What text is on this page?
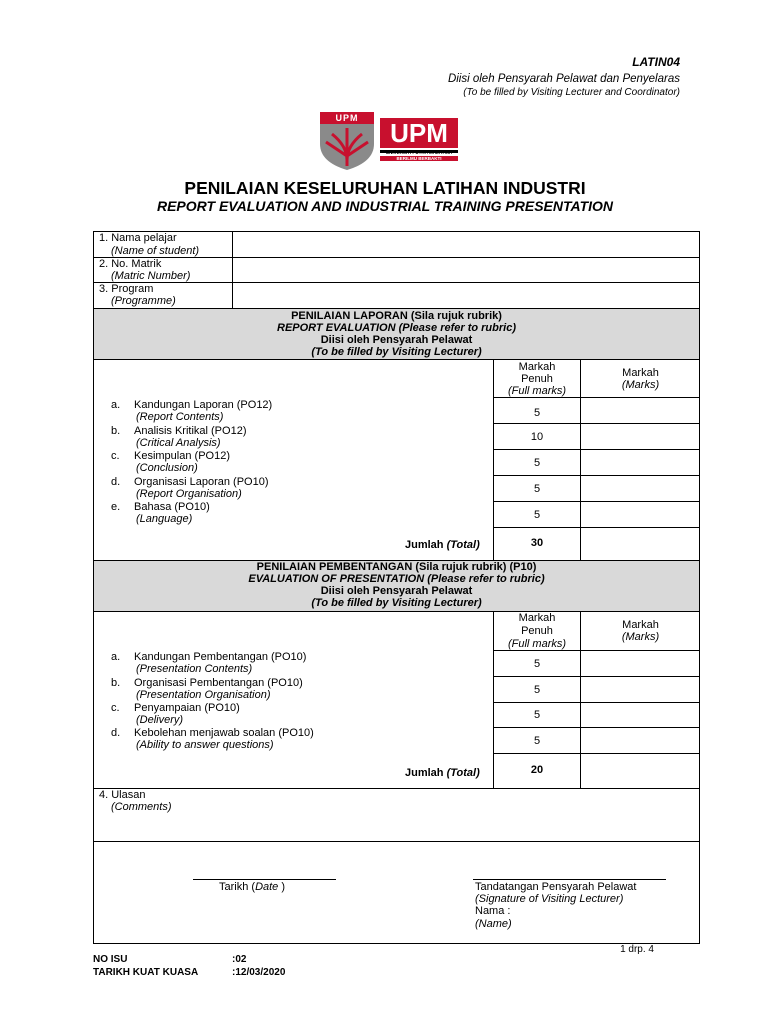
LATIN04
Diisi oleh Pensyarah Pelawat dan Penyelaras
(To be filled by Visiting Lecturer and Coordinator)
UPM	UPM
UNIVERSITI PUTRA MALAYSIA
BERILMU BERBAKTI
PENILAIAN KESELURUHAN LATIHAN INDUSTRI
REPORT EVALUATION AND INDUSTRIAL TRAINING PRESENTATION
1. Nama pelajar
(Name of student)
2. No. Matrik
(Matric Number)
3. Program
(Programme)
PENILAIAN LAPORAN (Sila rujuk rubrik)
REPORT EVALUATION (Please refer to rubric)
Diisi oleh Pensyarah Pelawat
(To be filled by Visiting Lecturer)
Markah
Penuh
(Full marks)
Markah
(Marks)
a. Kandungan Laporan (PO12)
(Report Contents)	5
b. Analisis Kritikal (PO12)
(Critical Analysis)	10
c. Kesimpulan (PO12)
(Conclusion)	5
d. Organisasi Laporan (PO10)
(Report Organisation)	5
e. Bahasa (PO10)
(Language)	5
Jumlah (Total)	30
PENILAIAN PEMBENTANGAN (Sila rujuk rubrik) (P10)
EVALUATION OF PRESENTATION (Please refer to rubric)
Diisi oleh Pensyarah Pelawat
(To be filled by Visiting Lecturer)
Markah
Penuh
(Full marks)
Markah
(Marks)
a. Kandungan Pembentangan (PO10)
(Presentation Contents)	5
b. Organisasi Pembentangan (PO10)
(Presentation Organisation)	5
c. Penyampaian (PO10)
(Delivery)	5
d. Kebolehan menjawab soalan (PO10)
(Ability to answer questions)	5
Jumlah (Total)	20
4. Ulasan
(Comments)
Tarikh (Date )	Tandatangan Pensyarah Pelawat
(Signature of Visiting Lecturer)
Nama :
(Name)
1 drp. 4
NO ISU	:02
TARIKH KUAT KUASA	:12/03/2020
